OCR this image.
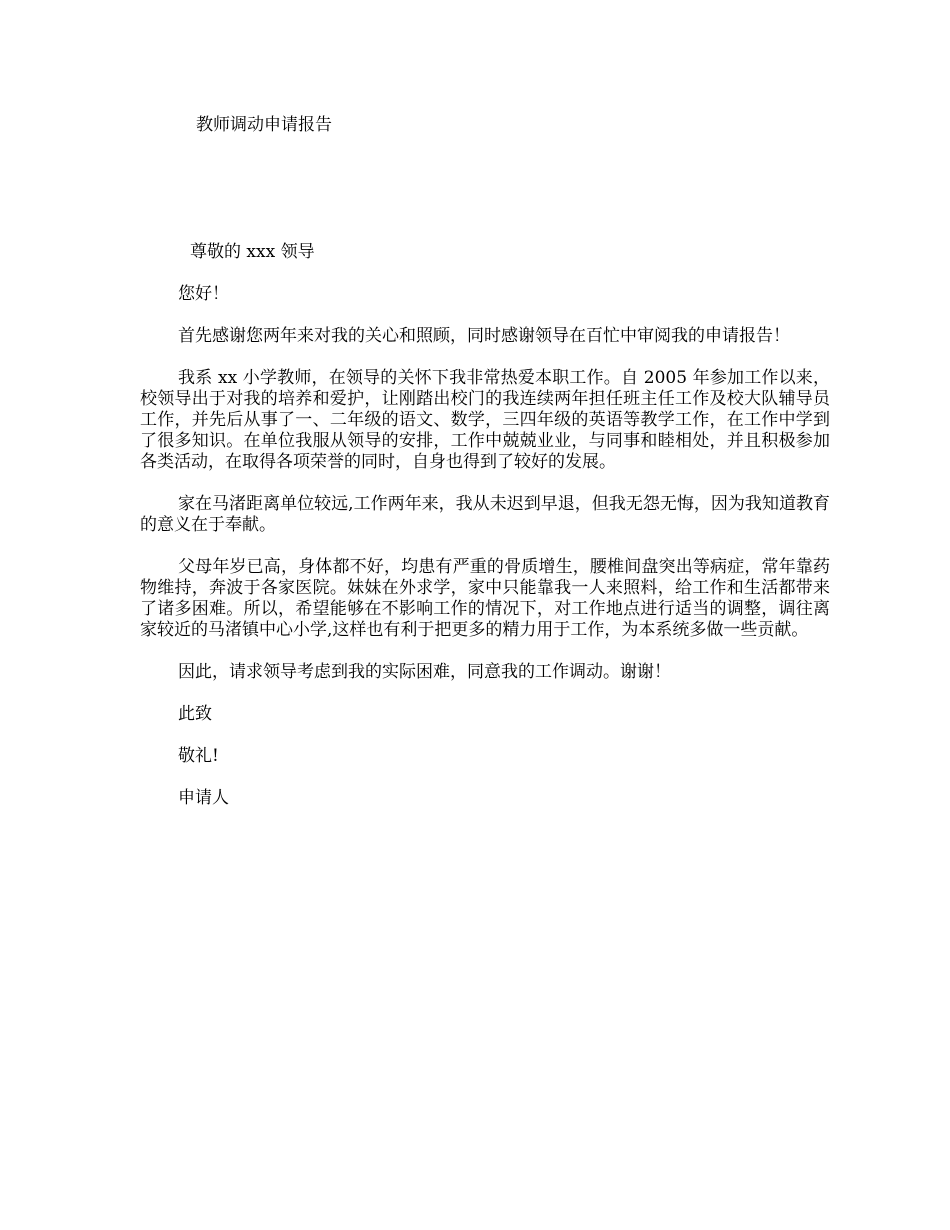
教师调动申请报告
尊敬的 xxx 领导

您好！

首先感谢您两年来对我的关心和照顾，同时感谢领导在百忙中审阅我的申请报告！

我系 xx 小学教师，在领导的关怀下我非常热爱本职工作。自 2005 年参加工作以来，校领导出于对我的培养和爱护，让刚踏出校门的我连续两年担任班主任工作及校大队辅导员工作，并先后从事了一、二年级的语文、数学，三四年级的英语等教学工作，在工作中学到了很多知识。在单位我服从领导的安排，工作中兢兢业业，与同事和睦相处，并且积极参加各类活动，在取得各项荣誉的同时，自身也得到了较好的发展。

家在马渚距离单位较远,工作两年来，我从未迟到早退，但我无怨无悔，因为我知道教育的意义在于奉献。

父母年岁已高，身体都不好，均患有严重的骨质增生，腰椎间盘突出等病症，常年靠药物维持，奔波于各家医院。妹妹在外求学，家中只能靠我一人来照料，给工作和生活都带来了诸多困难。所以，希望能够在不影响工作的情况下，对工作地点进行适当的调整，调往离家较近的马渚镇中心小学,这样也有利于把更多的精力用于工作，为本系统多做一些贡献。

因此，请求领导考虑到我的实际困难，同意我的工作调动。谢谢！

此致

敬礼!

申请人
